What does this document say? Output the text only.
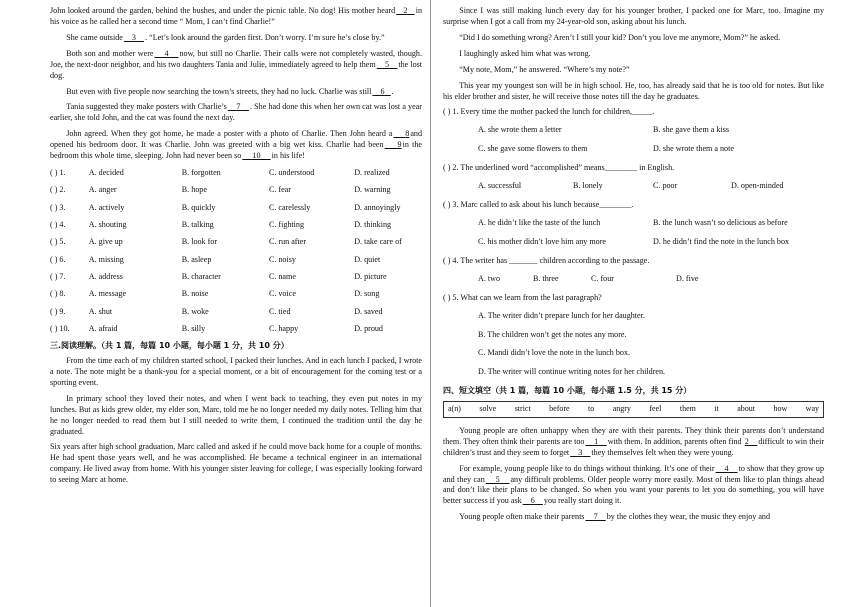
John looked around the garden, behind the bushes, and under the picnic table. No dog! His mother heard 2 in his voice as he called her a second time “ Mom, I can’t find Charlie!”

She came outside 3 . “Let’s look around the garden first. Don’t worry. I’m sure he’s close by.”

Both son and mother were 4 now, but still no Charlie. Their calls were not completely wasted, though. Joe, the next-door neighbor, and his two daughters Tania and Julie, immediately agreed to help them 5 the lost dog.

But even with five people now searching the town’s streets, they had no luck. Charlie was still 6 .

Tania suggested they make posters with Charlie’s 7 . She had done this when her own cat was lost a year earlier, she told John, and the cat was found the next day.

John agreed. When they got home, he made a poster with a photo of Charlie. Then John heard a 8and opened his bedroom door. It was Charlie. John was greeted with a big wet kiss. Charlie had been 9in the bedroom this whole time, sleeping. John had never been so 10 in his life!

( ) 1.	A. decided	B. forgotten	C. understood	D. realized
( ) 2.	A. anger	B. hope	C. fear	D. warning
( ) 3.	A. actively	B. quickly	C. carelessly	D. annoyingly
( ) 4.	A. shouting	B. talking	C. fighting	D. thinking
( ) 5.	A. give up	B. look for	C. run after	D. take care of
( ) 6.	A. missing	B. asleep	C. noisy	D. quiet
( ) 7.	A. address	B. character	C. name	D. picture
( ) 8.	A. message	B. noise	C. voice	D. song
( ) 9.	A. shut	B. woke	C. tied	D. saved
( ) 10.	A. afraid	B. silly	C. happy	D. proud
三.阅读理解。（共 1 篇，每篇 10 小题，每小题 1 分，共 10 分）

From the time each of my children started school, I packed their lunches. And in each lunch I packed, I wrote a note. The note might be a thank-you for a special moment, or a bit of encouragement for the coming test or a sporting event.

In primary school they loved their notes, and when I went back to teaching, they even put notes in my lunches. But as kids grew older, my elder son, Marc, told me he no longer needed my daily notes. Telling him that he no longer needed to read them but I still needed to write them, I continued the tradition until the day he graduated.

Six years after high school graduation, Marc called and asked if he could move back home for a couple of months. He had spent those years well, and he was accomplished. He became a technical engineer in an international company. He lived away from home. With his younger sister leaving for college, I was especially looking forward to seeing Marc at home.

Since I was still making lunch every day for his younger brother, I packed one for Marc, too. Imagine my surprise when I got a call from my 24-year-old son, asking about his lunch.

“Did I do something wrong? Aren’t I still your kid? Don’t you love me anymore, Mom?” he asked.

I laughingly asked him what was wrong.

“My note, Mom,” he answered. “Where’s my note?”

This year my youngest son will be in high school. He, too, has already said that he is too old for notes. But like his elder brother and sister, he will receive those notes till the day he graduates.

( ) 1. Every time the mother packed the lunch for children,_____.
A. she wrote them a letter	B. she gave them a kiss
C. she gave some flowers to them	D. she wrote them a note
( ) 2. The underlined word “accomplished” means________ in English.
A. successful	B. lonely	C. poor	D. open-minded
( ) 3. Marc called to ask about his lunch because________.
A. he didn’t like the taste of the lunch	B. the lunch wasn’t so delicious as before
C. his mother didn’t love him any more	D. he didn’t find the note in the lunch box
( ) 4. The writer has _______ children according to the passage.
A. two	B. three	C. four	D. five
( ) 5. What can we learn from the last paragraph?
A. The writer didn’t prepare lunch for her daughter.
B. The children won’t get the notes any more.
C. Mandi didn’t love the note in the lunch box.
D. The writer will continue writing notes for her children.
四、短文填空（共 1 篇，每篇 10 小题，每小题 1.5 分，共 15 分）
a(n) solve strict before to angry feel them it about how way

Young people are often unhappy when they are with their parents. They think their parents don’t understand them. They often think their parents are too 1 with them. In addition, parents often find 2 difficult to win their children’s trust and they seem to forget 3 they themselves felt when they were young.

For example, young people like to do things without thinking. It’s one of their 4 to show that they grow up and they can 5 any difficult problems. Older people worry more easily. Most of them like to plan things ahead and don’t like their plans to be changed. So when you want your parents to let you do something, you will have better success if you ask 6 you really start doing it.

Young people often make their parents 7 by the clothes they wear, the music they enjoy and
